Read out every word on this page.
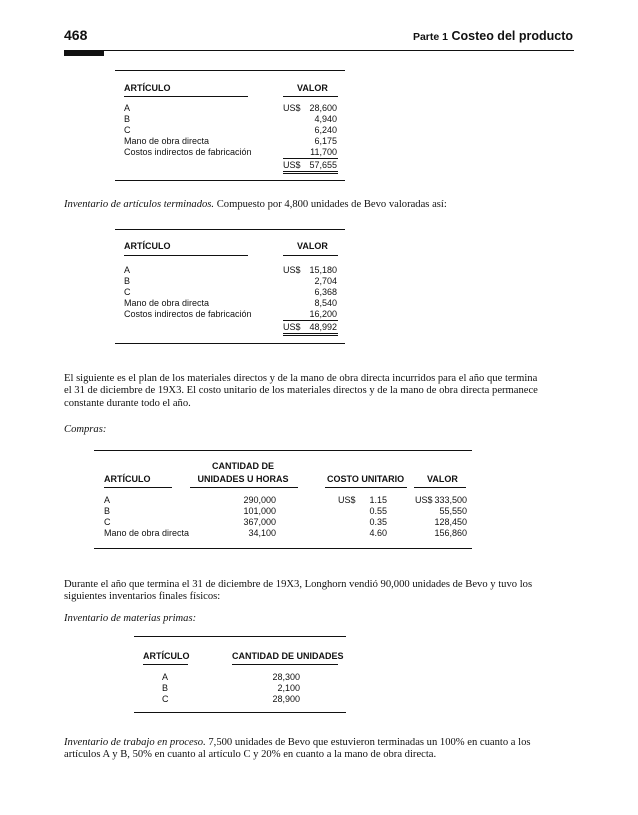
468	Parte 1 Costeo del producto
ARTÍCULO	VALOR
A	US$ 28,600
B	4,940
C	6,240
Mano de obra directa	6,175
Costos indirectos de fabricación	11,700
US$ 57,655
Inventario de artículos terminados. Compuesto por 4,800 unidades de Bevo valoradas así:
ARTÍCULO	VALOR
A	US$ 15,180
B	2,704
C	6,368
Mano de obra directa	8,540
Costos indirectos de fabricación	16,200
US$ 48,992
El siguiente es el plan de los materiales directos y de la mano de obra directa incurridos para el año que termina
el 31 de diciembre de 19X3. El costo unitario de los materiales directos y de la mano de obra directa permanece
constante durante todo el año.
Compras:
CANTIDAD DE
ARTÍCULO	UNIDADES U HORAS	COSTO UNITARIO	VALOR
A	290,000	US$	1.15	US$ 333,500
B	101,000	0.55	55,550
C	367,000	0.35	128,450
Mano de obra directa	34,100	4.60	156,860
Durante el año que termina el 31 de diciembre de 19X3, Longhorn vendió 90,000 unidades de Bevo y tuvo los
siguientes inventarios finales físicos:
Inventario de materias primas:
ARTÍCULO	CANTIDAD DE UNIDADES
A	28,300
B	2,100
C	28,900
Inventario de trabajo en proceso. 7,500 unidades de Bevo que estuvieron terminadas un 100% en cuanto a los
artículos A y B, 50% en cuanto al artículo C y 20% en cuanto a la mano de obra directa.
